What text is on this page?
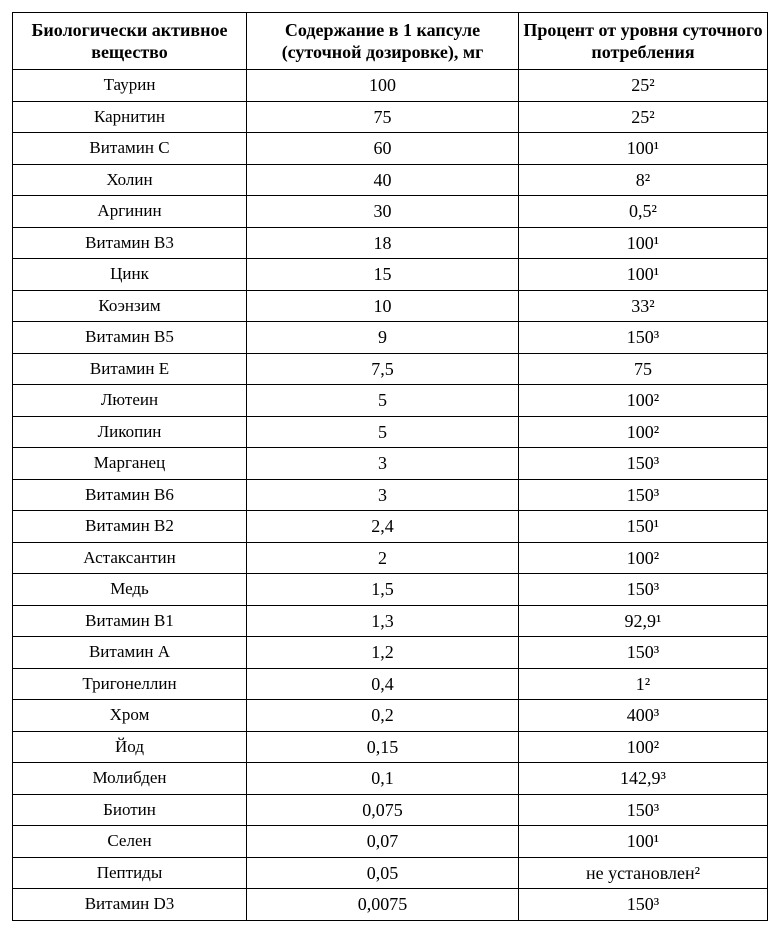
Биологически активное вещество	Содержание в 1 капсуле (суточной дозировке), мг	Процент от уровня суточного потребления
Таурин	100	25²
Карнитин	75	25²
Витамин С	60	100¹
Холин	40	8²
Аргинин	30	0,5²
Витамин В3	18	100¹
Цинк	15	100¹
Коэнзим	10	33²
Витамин В5	9	150³
Витамин Е	7,5	75
Лютеин	5	100²
Ликопин	5	100²
Марганец	3	150³
Витамин В6	3	150³
Витамин В2	2,4	150¹
Астаксантин	2	100²
Медь	1,5	150³
Витамин В1	1,3	92,9¹
Витамин А	1,2	150³
Тригонеллин	0,4	1²
Хром	0,2	400³
Йод	0,15	100²
Молибден	0,1	142,9³
Биотин	0,075	150³
Селен	0,07	100¹
Пептиды	0,05	не установлен²
Витамин D3	0,0075	150³
